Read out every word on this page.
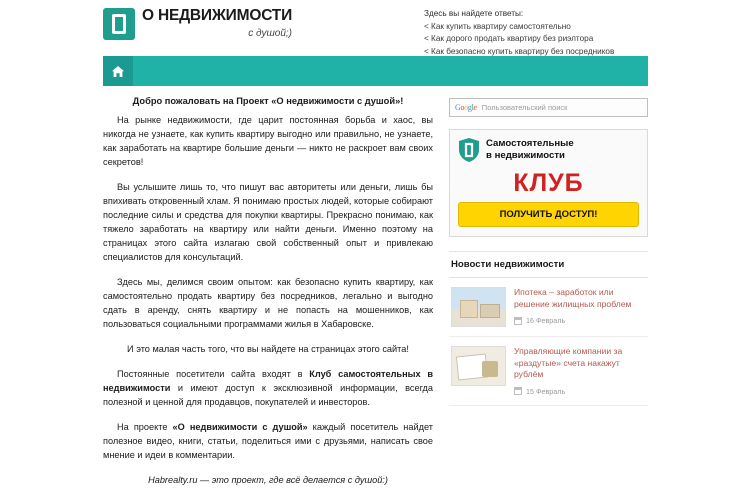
О НЕДВИЖИМОСТИ
с душой;)
Здесь вы найдете ответы:
< Как купить квартиру самостоятельно
< Как дорого продать квартиру без риэлтора
< Как безопасно купить квартиру без посредников
Добро пожаловать на Проект «О недвижимости с душой»!

На рынке недвижимости, где царит постоянная борьба и хаос, вы никогда не узнаете, как купить квартиру выгодно или правильно, не узнаете, как заработать на квартире большие деньги — никто не раскроет вам своих секретов!

Вы услышите лишь то, что пишут вас авторитеты или деньги, лишь бы впихивать откровенный хлам. Я понимаю простых людей, которые собирают последние силы и средства для покупки квартиры. Прекрасно понимаю, как тяжело заработать на квартиру или найти деньги. Именно поэтому на страницах этого сайта излагаю свой собственный опыт и привлекаю специалистов для консультаций.

Здесь мы, делимся своим опытом: как безопасно купить квартиру, как самостоятельно продать квартиру без посредников, легально и выгодно сдать в аренду, снять квартиру и не попасть на мошенников, как пользоваться социальными программами жилья в Хабаровске.

И это малая часть того, что вы найдете на страницах этого сайта!

Постоянные посетители сайта входят в Клуб самостоятельных в недвижимости и имеют доступ к эксклюзивной информации, всегда полезной и ценной для продавцов, покупателей и инвесторов.

На проекте «О недвижимости с душой» каждый посетитель найдет полезное видео, книги, статьи, поделиться ими с друзьями, написать свое мнение и идеи в комментарии.

Habrealty.ru — это проект, где всё делается с душой:)

Google Пользовательский поиск
Самостоятельные
в недвижимости
КЛУБ
ПОЛУЧИТЬ ДОСТУП!
Новости недвижимости
Ипотека – заработок или решение жилищных проблем
16 Февраль
Управляющие компании за «раздутые» счета накажут рублём
15 Февраль
